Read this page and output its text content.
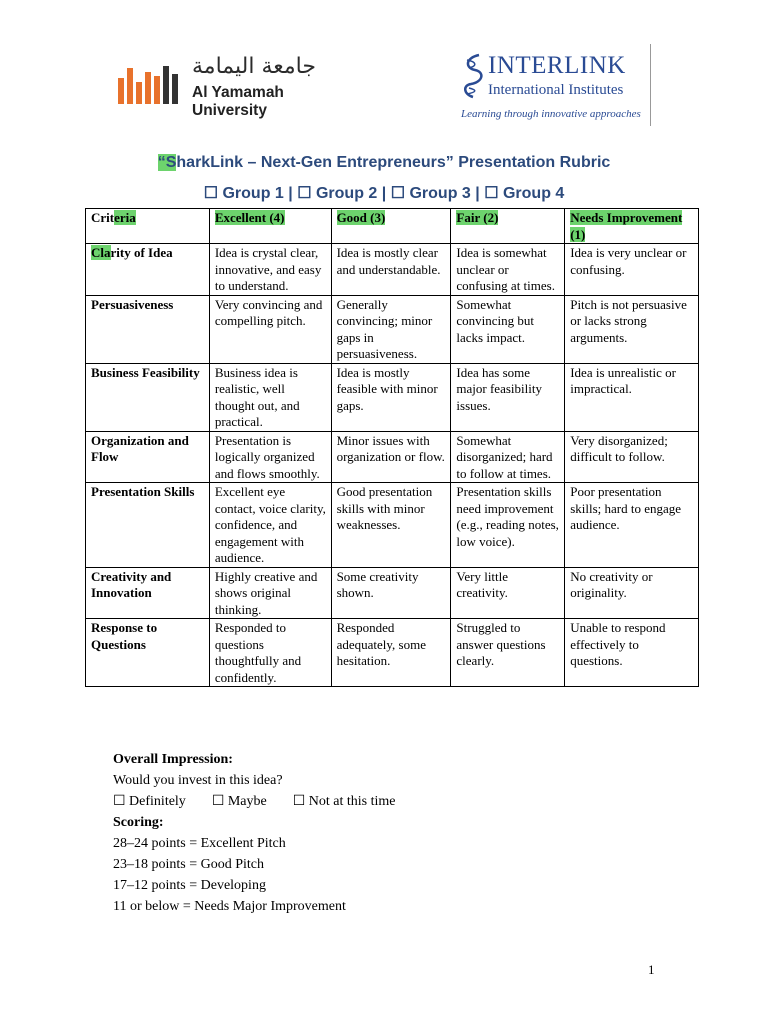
جامعة اليمامة
Al Yamamah University
INTERLINK
International Institutes
Learning through innovative approaches
“SharkLink – Next-Gen Entrepreneurs” Presentation Rubric
☐ Group 1 | ☐ Group 2 | ☐ Group 3 | ☐ Group 4
Criteria	Excellent (4)	Good (3)	Fair (2)	Needs Improvement (1)
Clarity of Idea	Idea is crystal clear, innovative, and easy to understand.	Idea is mostly clear and understandable.	Idea is somewhat unclear or confusing at times.	Idea is very unclear or confusing.
Persuasiveness	Very convincing and compelling pitch.	Generally convincing; minor gaps in persuasiveness.	Somewhat convincing but lacks impact.	Pitch is not persuasive or lacks strong arguments.
Business Feasibility	Business idea is realistic, well thought out, and practical.	Idea is mostly feasible with minor gaps.	Idea has some major feasibility issues.	Idea is unrealistic or impractical.
Organization and Flow	Presentation is logically organized and flows smoothly.	Minor issues with organization or flow.	Somewhat disorganized; hard to follow at times.	Very disorganized; difficult to follow.
Presentation Skills	Excellent eye contact, voice clarity, confidence, and engagement with audience.	Good presentation skills with minor weaknesses.	Presentation skills need improvement (e.g., reading notes, low voice).	Poor presentation skills; hard to engage audience.
Creativity and Innovation	Highly creative and shows original thinking.	Some creativity shown.	Very little creativity.	No creativity or originality.
Response to Questions	Responded to questions thoughtfully and confidently.	Responded adequately, some hesitation.	Struggled to answer questions clearly.	Unable to respond effectively to questions.
Overall Impression:
Would you invest in this idea?
☐ Definitely ☐ Maybe ☐ Not at this time
Scoring:
28–24 points = Excellent Pitch
23–18 points = Good Pitch
17–12 points = Developing
11 or below = Needs Major Improvement
1
